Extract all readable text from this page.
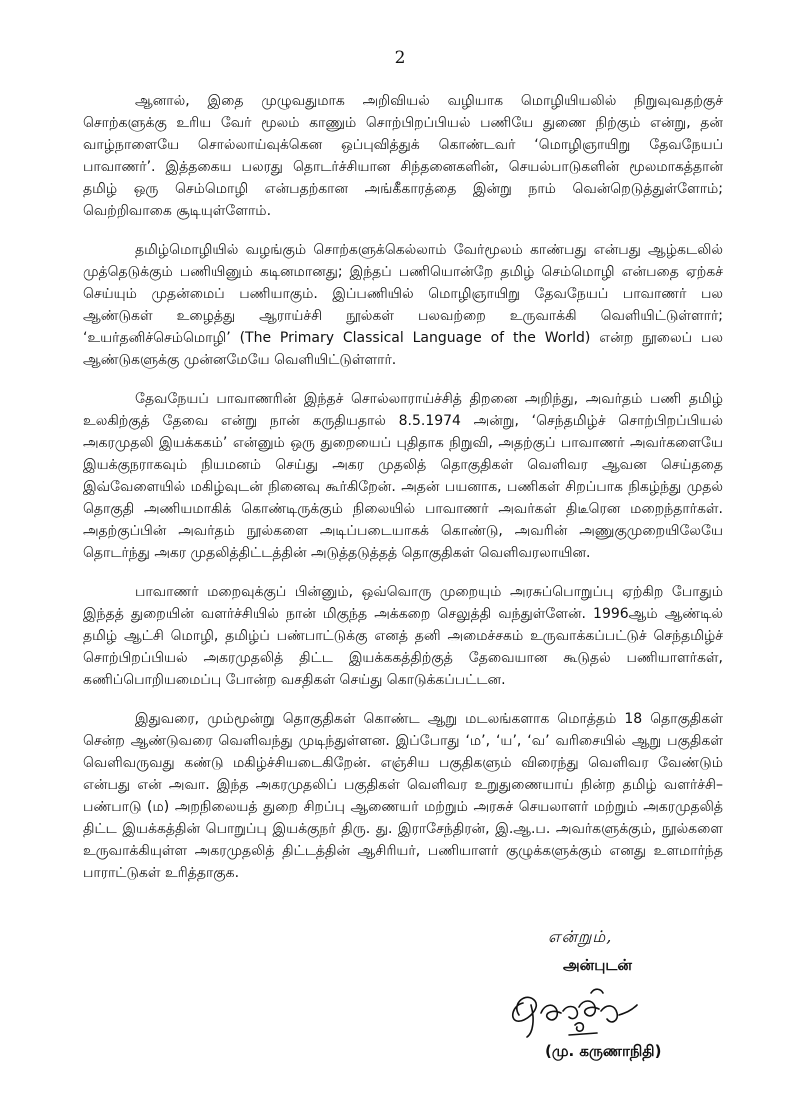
2

ஆனால், இதை முழுவதுமாக அறிவியல் வழியாக மொழியியலில் நிறுவுவதற்குச் சொற்களுக்கு உரிய வேர் மூலம் காணும் சொற்பிறப்பியல் பணியே துணை நிற்கும் என்று, தன் வாழ்நாளையே சொல்லாய்வுக்கென ஒப்புவித்துக் கொண்டவர் ‘மொழிஞாயிறு தேவநேயப் பாவாணர்’. இத்தகைய பலரது தொடர்ச்சியான சிந்தனைகளின், செயல்பாடுகளின் மூலமாகத்தான் தமிழ் ஒரு செம்மொழி என்பதற்கான அங்கீகாரத்தை இன்று நாம் வென்றெடுத்துள்ளோம்; வெற்றிவாகை சூடியுள்ளோம்.

தமிழ்மொழியில் வழங்கும் சொற்களுக்கெல்லாம் வேர்மூலம் காண்பது என்பது ஆழ்கடலில் முத்தெடுக்கும் பணியினும் கடினமானது; இந்தப் பணியொன்றே தமிழ் செம்மொழி என்பதை ஏற்கச் செய்யும் முதன்மைப் பணியாகும். இப்பணியில் மொழிஞாயிறு தேவநேயப் பாவாணர் பல ஆண்டுகள் உழைத்து ஆராய்ச்சி நூல்கள் பலவற்றை உருவாக்கி வெளியிட்டுள்ளார்; ‘உயர்தனிச்செம்மொழி’ (The Primary Classical Language of the World) என்ற நூலைப் பல ஆண்டுகளுக்கு முன்னமேயே வெளியிட்டுள்ளார்.

தேவநேயப் பாவாணரின் இந்தச் சொல்லாராய்ச்சித் திறனை அறிந்து, அவர்தம் பணி தமிழ் உலகிற்குத் தேவை என்று நான் கருதியதால் 8.5.1974 அன்று, ‘செந்தமிழ்ச் சொற்பிறப்பியல் அகரமுதலி இயக்ககம்’ என்னும் ஒரு துறையைப் புதிதாக நிறுவி, அதற்குப் பாவாணர் அவர்களையே இயக்குநராகவும் நியமனம் செய்து அகர முதலித் தொகுதிகள் வெளிவர ஆவன செய்ததை இவ்வேளையில் மகிழ்வுடன் நினைவு கூர்கிறேன். அதன் பயனாக, பணிகள் சிறப்பாக நிகழ்ந்து முதல் தொகுதி அணியமாகிக் கொண்டிருக்கும் நிலையில் பாவாணர் அவர்கள் திடீரென மறைந்தார்கள். அதற்குப்பின் அவர்தம் நூல்களை அடிப்படையாகக் கொண்டு, அவரின் அணுகுமுறையிலேயே தொடர்ந்து அகர முதலித்திட்டத்தின் அடுத்தடுத்தத் தொகுதிகள் வெளிவரலாயின.

பாவாணர் மறைவுக்குப் பின்னும், ஒவ்வொரு முறையும் அரசுப்பொறுப்பு ஏற்கிற போதும் இந்தத் துறையின் வளர்ச்சியில் நான் மிகுந்த அக்கறை செலுத்தி வந்துள்ளேன். 1996ஆம் ஆண்டில் தமிழ் ஆட்சி மொழி, தமிழ்ப் பண்பாட்டுக்கு எனத் தனி அமைச்சகம் உருவாக்கப்பட்டுச் செந்தமிழ்ச் சொற்பிறப்பியல் அகரமுதலித் திட்ட இயக்ககத்திற்குத் தேவையான கூடுதல் பணியாளர்கள், கணிப்பொறியமைப்பு போன்ற வசதிகள் செய்து கொடுக்கப்பட்டன.

இதுவரை, மும்மூன்று தொகுதிகள் கொண்ட ஆறு மடலங்களாக மொத்தம் 18 தொகுதிகள் சென்ற ஆண்டுவரை வெளிவந்து முடிந்துள்ளன. இப்போது ‘ம’, ‘ய’, ‘வ’ வரிசையில் ஆறு பகுதிகள் வெளிவருவது கண்டு மகிழ்ச்சியடைகிறேன். எஞ்சிய பகுதிகளும் விரைந்து வெளிவர வேண்டும் என்பது என் அவா. இந்த அகரமுதலிப் பகுதிகள் வெளிவர உறுதுணையாய் நின்ற தமிழ் வளர்ச்சி–பண்பாடு (ம) அறநிலையத் துறை சிறப்பு ஆணையர் மற்றும் அரசுச் செயலாளர் மற்றும் அகரமுதலித் திட்ட இயக்கத்தின் பொறுப்பு இயக்குநர் திரு. து. இராசேந்திரன், இ.ஆ.ப. அவர்களுக்கும், நூல்களை உருவாக்கியுள்ள அகரமுதலித் திட்டத்தின் ஆசிரியர், பணியாளர் குழுக்களுக்கும் எனது உளமார்ந்த பாராட்டுகள் உரித்தாகுக.

என்றும்,
அன்புடன்
(மு. கருணாநிதி)
